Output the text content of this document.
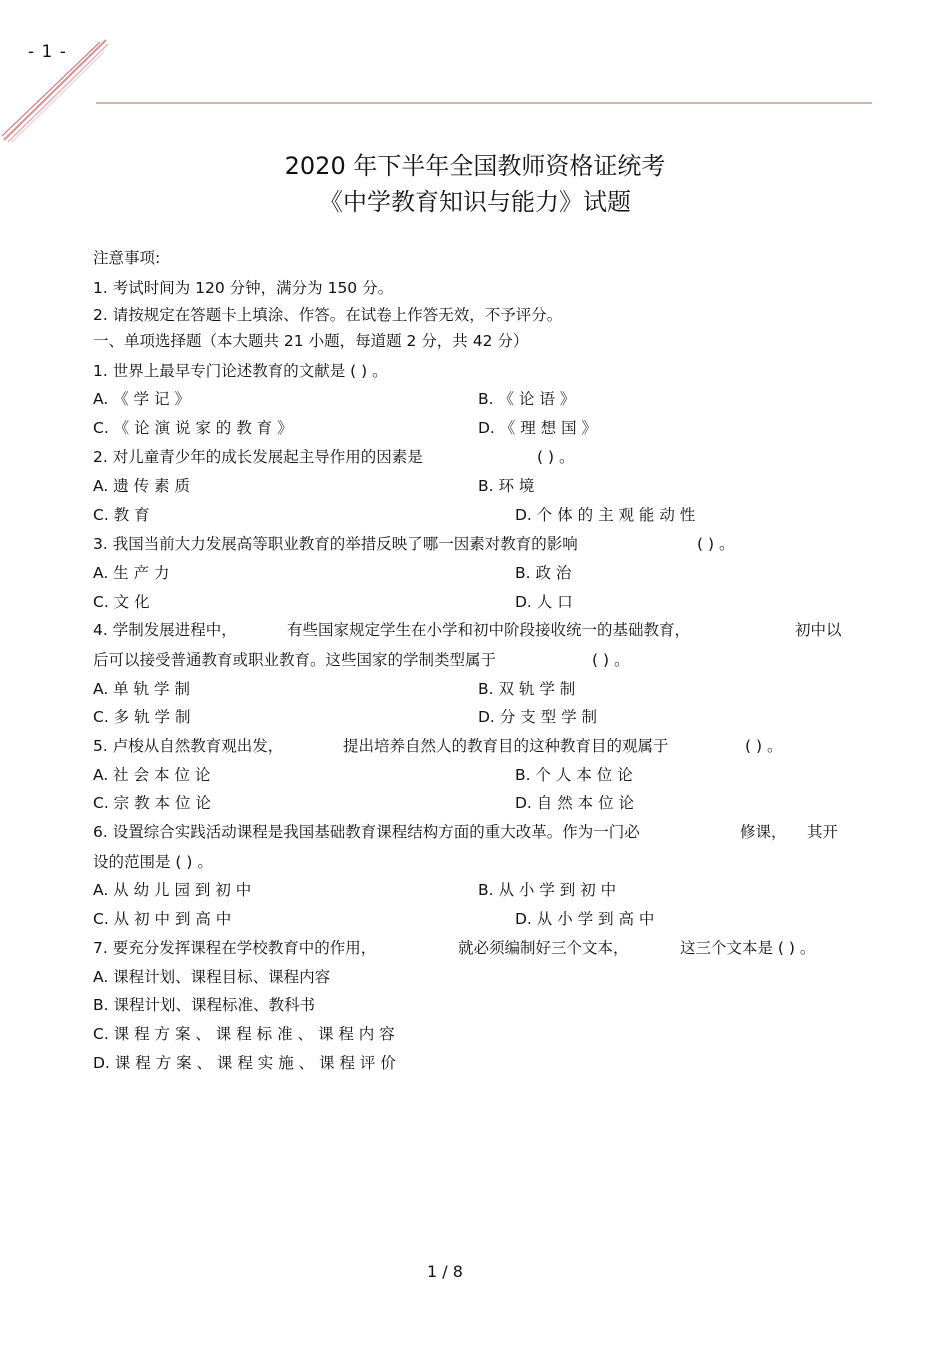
- 1 -
2020 年下半年全国教师资格证统考
《中学教育知识与能力》试题
注意事项:
1. 考试时间为 120 分钟，满分为 150 分。
2. 请按规定在答题卡上填涂、作答。在试卷上作答无效，不予评分。
一、单项选择题（本大题共 21 小题，每道题 2 分，共 42 分）
1. 世界上最早专门论述教育的文献是 ( ) 。
A. 《 学 记 》	B. 《 论 语 》
C. 《 论 演 说 家 的 教 育 》	D. 《 理 想 国 》
2. 对儿童青少年的成长发展起主导作用的因素是	( ) 。
A. 遗 传 素 质	B. 环 境
C. 教 育	D. 个 体 的 主 观 能 动 性
3. 我国当前大力发展高等职业教育的举措反映了哪一因素对教育的影响	( ) 。
A. 生 产 力	B. 政 治
C. 文 化	D. 人 口
4. 学制发展进程中，	有些国家规定学生在小学和初中阶段接收统一的基础教育，	初中以
后可以接受普通教育或职业教育。这些国家的学制类型属于	( ) 。
A. 单 轨 学 制	B. 双 轨 学 制
C. 多 轨 学 制	D. 分 支 型 学 制
5. 卢梭从自然教育观出发，	提出培养自然人的教育目的这种教育目的观属于	( ) 。
A. 社 会 本 位 论	B. 个 人 本 位 论
C. 宗 教 本 位 论	D. 自 然 本 位 论
6. 设置综合实践活动课程是我国基础教育课程结构方面的重大改革。作为一门必	修课， 其开
设的范围是 ( ) 。
A. 从 幼 儿 园 到 初 中	B. 从 小 学 到 初 中
C. 从 初 中 到 高 中	D. 从 小 学 到 高 中
7. 要充分发挥课程在学校教育中的作用，	就必须编制好三个文本，	这三个文本是 ( ) 。
A. 课程计划、课程目标、课程内容
B. 课程计划、课程标准、教科书
C. 课 程 方 案 、 课 程 标 准 、 课 程 内 容
D. 课 程 方 案 、 课 程 实 施 、 课 程 评 价
1 / 8
